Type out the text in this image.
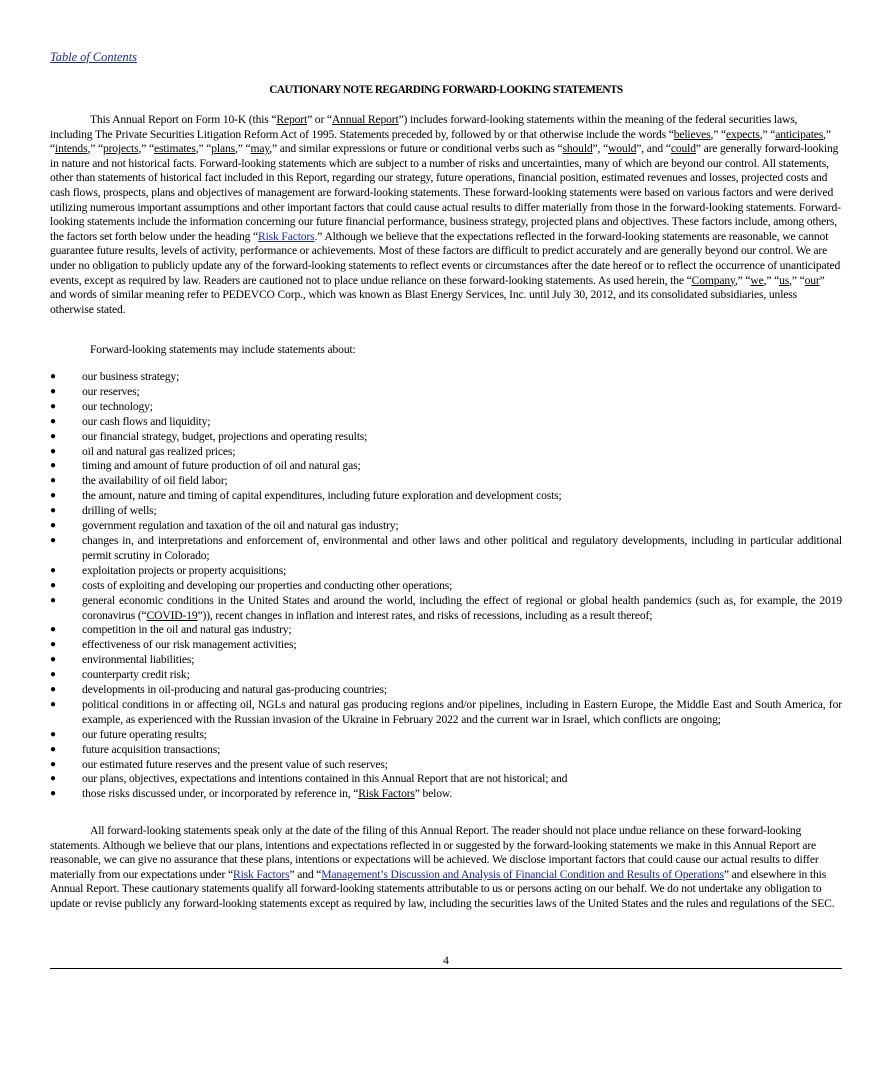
Table of Contents
CAUTIONARY NOTE REGARDING FORWARD-LOOKING STATEMENTS

This Annual Report on Form 10-K (this “Report” or “Annual Report”) includes forward-looking statements within the meaning of the federal securities laws, including The Private Securities Litigation Reform Act of 1995. Statements preceded by, followed by or that otherwise include the words “believes,” “expects,” “anticipates,” “intends,” “projects,” “estimates,” “plans,” “may,” and similar expressions or future or conditional verbs such as “should”, “would”, and “could” are generally forward-looking in nature and not historical facts. Forward-looking statements which are subject to a number of risks and uncertainties, many of which are beyond our control. All statements, other than statements of historical fact included in this Report, regarding our strategy, future operations, financial position, estimated revenues and losses, projected costs and cash flows, prospects, plans and objectives of management are forward-looking statements. These forward-looking statements were based on various factors and were derived utilizing numerous important assumptions and other important factors that could cause actual results to differ materially from those in the forward-looking statements. Forward-looking statements include the information concerning our future financial performance, business strategy, projected plans and objectives. These factors include, among others, the factors set forth below under the heading “Risk Factors.” Although we believe that the expectations reflected in the forward-looking statements are reasonable, we cannot guarantee future results, levels of activity, performance or achievements. Most of these factors are difficult to predict accurately and are generally beyond our control. We are under no obligation to publicly update any of the forward-looking statements to reflect events or circumstances after the date hereof or to reflect the occurrence of unanticipated events, except as required by law. Readers are cautioned not to place undue reliance on these forward-looking statements. As used herein, the “Company,” “we,” “us,” “our” and words of similar meaning refer to PEDEVCO Corp., which was known as Blast Energy Services, Inc. until July 30, 2012, and its consolidated subsidiaries, unless otherwise stated.

Forward-looking statements may include statements about:

● our business strategy;
● our reserves;
● our technology;
● our cash flows and liquidity;
● our financial strategy, budget, projections and operating results;
● oil and natural gas realized prices;
● timing and amount of future production of oil and natural gas;
● the availability of oil field labor;
● the amount, nature and timing of capital expenditures, including future exploration and development costs;
● drilling of wells;
● government regulation and taxation of the oil and natural gas industry;
● changes in, and interpretations and enforcement of, environmental and other laws and other political and regulatory developments, including in particular additional permit scrutiny in Colorado;
● exploitation projects or property acquisitions;
● costs of exploiting and developing our properties and conducting other operations;
● general economic conditions in the United States and around the world, including the effect of regional or global health pandemics (such as, for example, the 2019 coronavirus (“COVID-19”)), recent changes in inflation and interest rates, and risks of recessions, including as a result thereof;
● competition in the oil and natural gas industry;
● effectiveness of our risk management activities;
● environmental liabilities;
● counterparty credit risk;
● developments in oil-producing and natural gas-producing countries;
● political conditions in or affecting oil, NGLs and natural gas producing regions and/or pipelines, including in Eastern Europe, the Middle East and South America, for example, as experienced with the Russian invasion of the Ukraine in February 2022 and the current war in Israel, which conflicts are ongoing;
● our future operating results;
● future acquisition transactions;
● our estimated future reserves and the present value of such reserves;
● our plans, objectives, expectations and intentions contained in this Annual Report that are not historical; and
● those risks discussed under, or incorporated by reference in, “Risk Factors” below.

All forward-looking statements speak only at the date of the filing of this Annual Report. The reader should not place undue reliance on these forward-looking statements. Although we believe that our plans, intentions and expectations reflected in or suggested by the forward-looking statements we make in this Annual Report are reasonable, we can give no assurance that these plans, intentions or expectations will be achieved. We disclose important factors that could cause our actual results to differ materially from our expectations under “Risk Factors” and “Management’s Discussion and Analysis of Financial Condition and Results of Operations” and elsewhere in this Annual Report. These cautionary statements qualify all forward-looking statements attributable to us or persons acting on our behalf. We do not undertake any obligation to update or revise publicly any forward-looking statements except as required by law, including the securities laws of the United States and the rules and regulations of the SEC.

4
